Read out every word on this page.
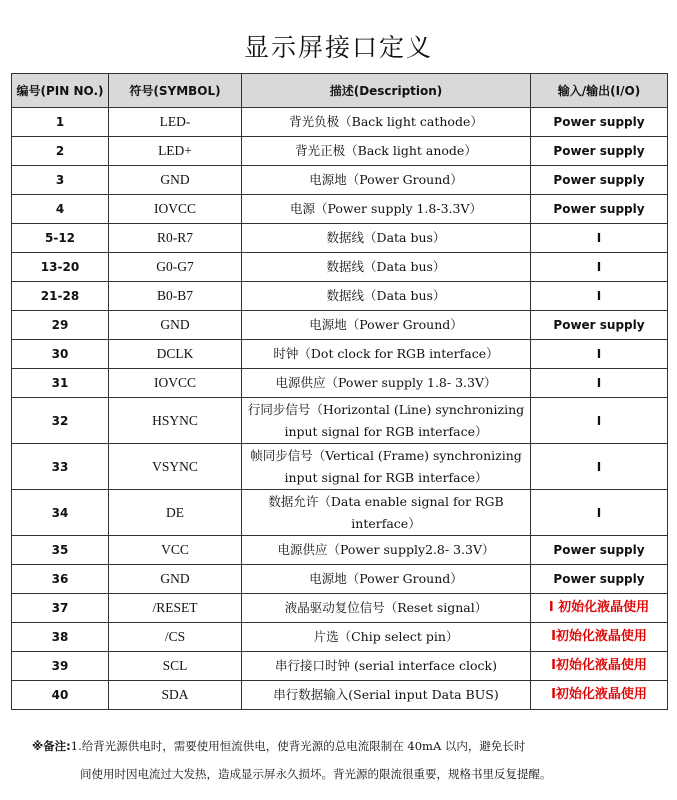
显示屏接口定义
编号(PIN NO.)	符号(SYMBOL)	描述(Description)	输入/输出(I/O)
1	LED-	背光负极（Back light cathode）	Power supply
2	LED+	背光正极（Back light anode）	Power supply
3	GND	电源地（Power Ground）	Power supply
4	IOVCC	电源（Power supply 1.8-3.3V）	Power supply
5-12	R0-R7	数据线（Data bus）	I
13-20	G0-G7	数据线（Data bus）	I
21-28	B0-B7	数据线（Data bus）	I
29	GND	电源地（Power Ground）	Power supply
30	DCLK	时钟（Dot clock for RGB interface）	I
31	IOVCC	电源供应（Power supply 1.8- 3.3V）	I
32	HSYNC	行同步信号（Horizontal (Line) synchronizing input signal for RGB interface）	I
33	VSYNC	帧同步信号（Vertical (Frame) synchronizing input signal for RGB interface）	I
34	DE	数据允许（Data enable signal for RGB interface）	I
35	VCC	电源供应（Power supply2.8- 3.3V）	Power supply
36	GND	电源地（Power Ground）	Power supply
37	/RESET	液晶驱动复位信号（Reset signal）	I 初始化液晶使用
38	/CS	片选（Chip select pin）	I初始化液晶使用
39	SCL	串行接口时钟 (serial interface clock)	I初始化液晶使用
40	SDA	串行数据输入(Serial input Data BUS)	I初始化液晶使用
※备注:1.给背光源供电时，需要使用恒流供电，使背光源的总电流限制在 40mA 以内，避免长时
间使用时因电流过大发热，造成显示屏永久损坏。背光源的限流很重要，规格书里反复提醒。
